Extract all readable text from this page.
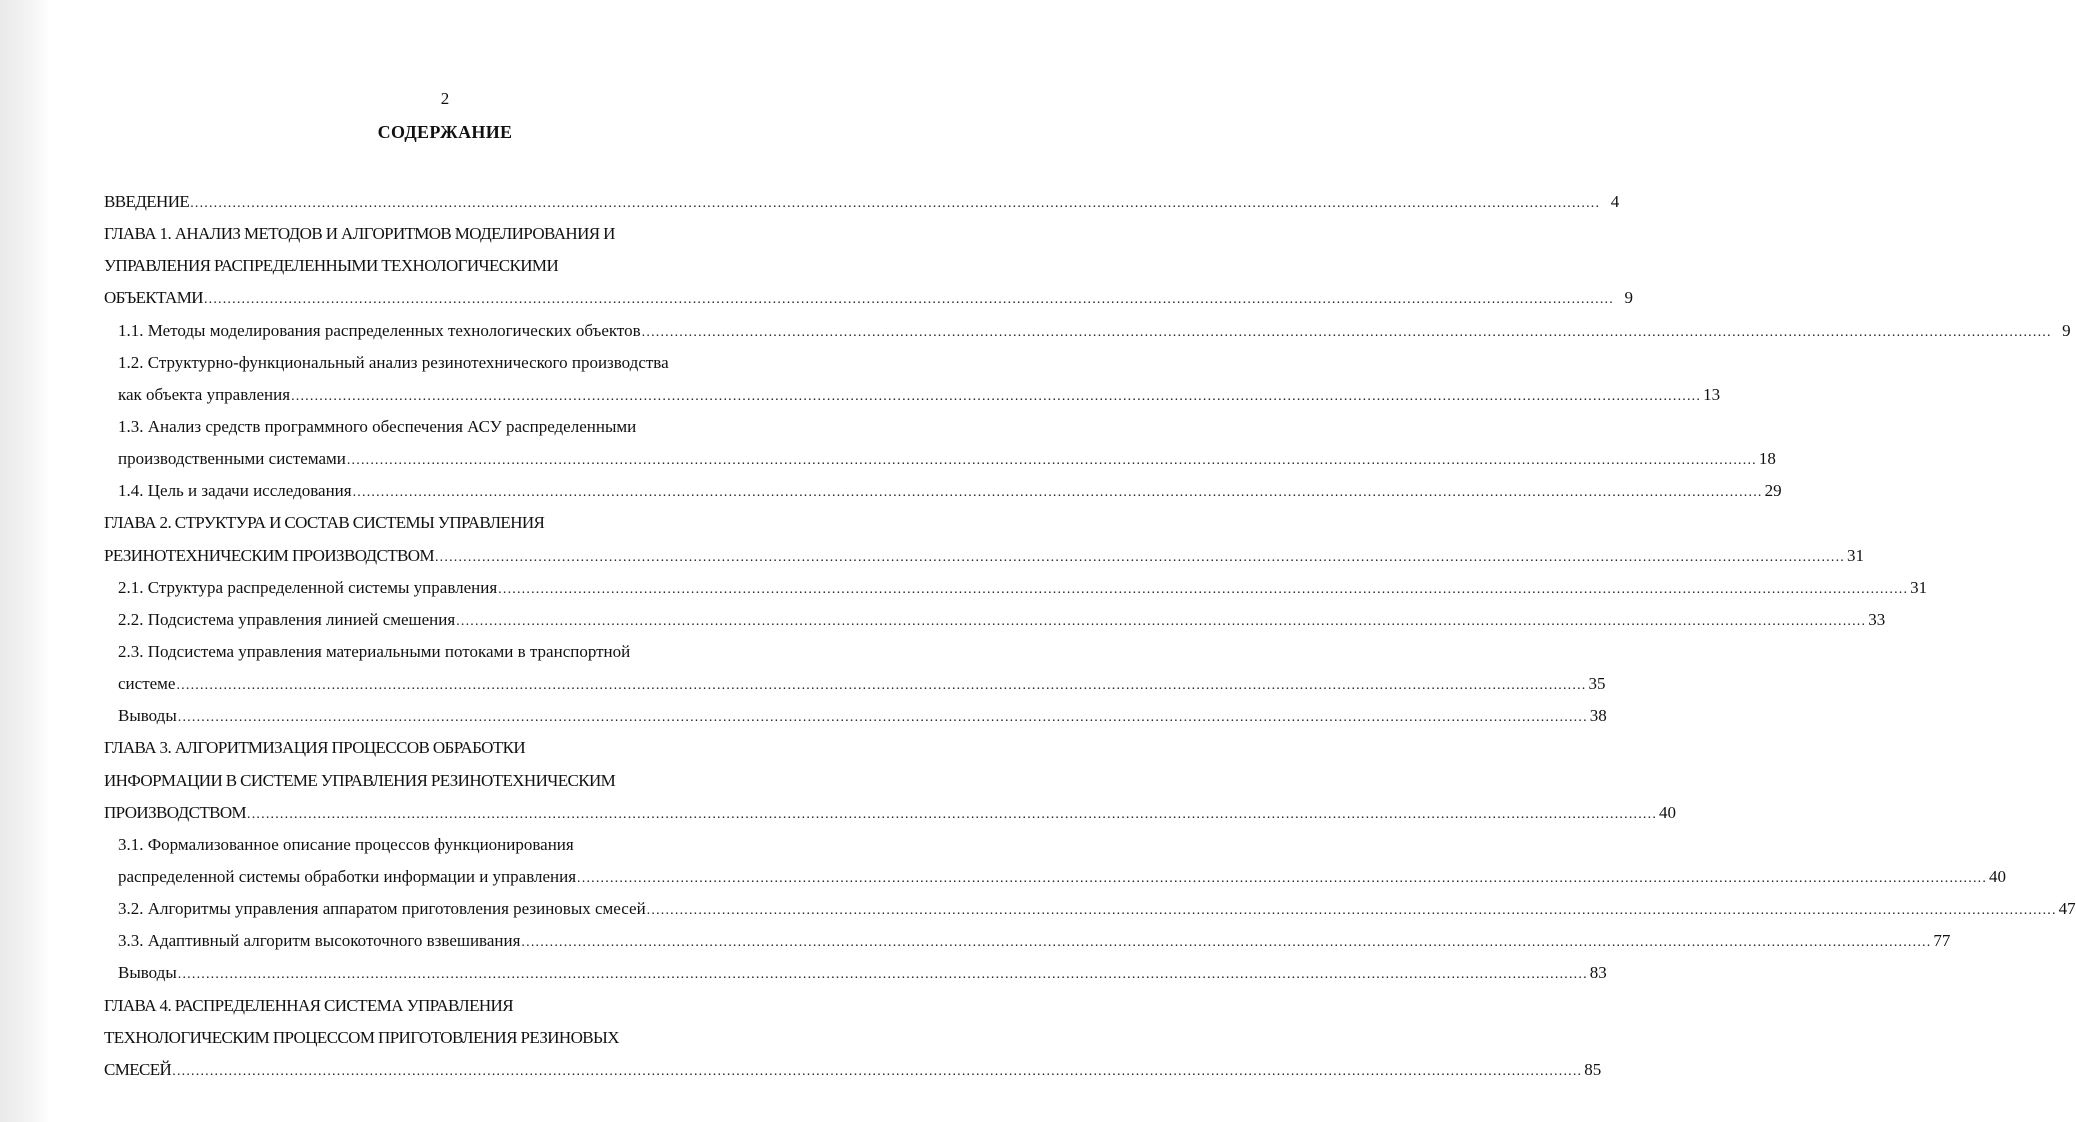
2
СОДЕРЖАНИЕ
ВВЕДЕНИЕ ............................................................................................................................................................................................................................................................................................................ 4
ГЛАВА 1. АНАЛИЗ МЕТОДОВ И АЛГОРИТМОВ МОДЕЛИРОВАНИЯ И
УПРАВЛЕНИЯ РАСПРЕДЕЛЕННЫМИ ТЕХНОЛОГИЧЕСКИМИ
ОБЪЕКТАМИ ............................................................................................................................................................................................................................................................................................................ 9
1.1. Методы моделирования распределенных технологических объектов ............................................................................................................................................................................................................................................................................................................ 9
1.2. Структурно-функциональный анализ резинотехнического производства
как объекта управления ............................................................................................................................................................................................................................................................................................................ 13
1.3. Анализ средств программного обеспечения АСУ распределенными
производственными системами ............................................................................................................................................................................................................................................................................................................ 18
1.4. Цель и задачи исследования ............................................................................................................................................................................................................................................................................................................ 29
ГЛАВА 2. СТРУКТУРА И СОСТАВ СИСТЕМЫ УПРАВЛЕНИЯ
РЕЗИНОТЕХНИЧЕСКИМ ПРОИЗВОДСТВОМ ............................................................................................................................................................................................................................................................................................................ 31
2.1. Структура распределенной системы управления ............................................................................................................................................................................................................................................................................................................ 31
2.2. Подсистема управления линией смешения ............................................................................................................................................................................................................................................................................................................ 33
2.3. Подсистема управления материальными потоками в транспортной
системе ............................................................................................................................................................................................................................................................................................................ 35
Выводы ............................................................................................................................................................................................................................................................................................................ 38
ГЛАВА 3. АЛГОРИТМИЗАЦИЯ ПРОЦЕССОВ ОБРАБОТКИ
ИНФОРМАЦИИ В СИСТЕМЕ УПРАВЛЕНИЯ РЕЗИНОТЕХНИЧЕСКИМ
ПРОИЗВОДСТВОМ ............................................................................................................................................................................................................................................................................................................ 40
3.1. Формализованное описание процессов функционирования
распределенной системы обработки информации и управления ............................................................................................................................................................................................................................................................................................................ 40
3.2. Алгоритмы управления аппаратом приготовления резиновых смесей ............................................................................................................................................................................................................................................................................................................ 47
3.3. Адаптивный алгоритм высокоточного взвешивания ............................................................................................................................................................................................................................................................................................................ 77
Выводы ............................................................................................................................................................................................................................................................................................................ 83
ГЛАВА 4. РАСПРЕДЕЛЕННАЯ СИСТЕМА УПРАВЛЕНИЯ
ТЕХНОЛОГИЧЕСКИМ ПРОЦЕССОМ ПРИГОТОВЛЕНИЯ РЕЗИНОВЫХ
СМЕСЕЙ ............................................................................................................................................................................................................................................................................................................ 85
